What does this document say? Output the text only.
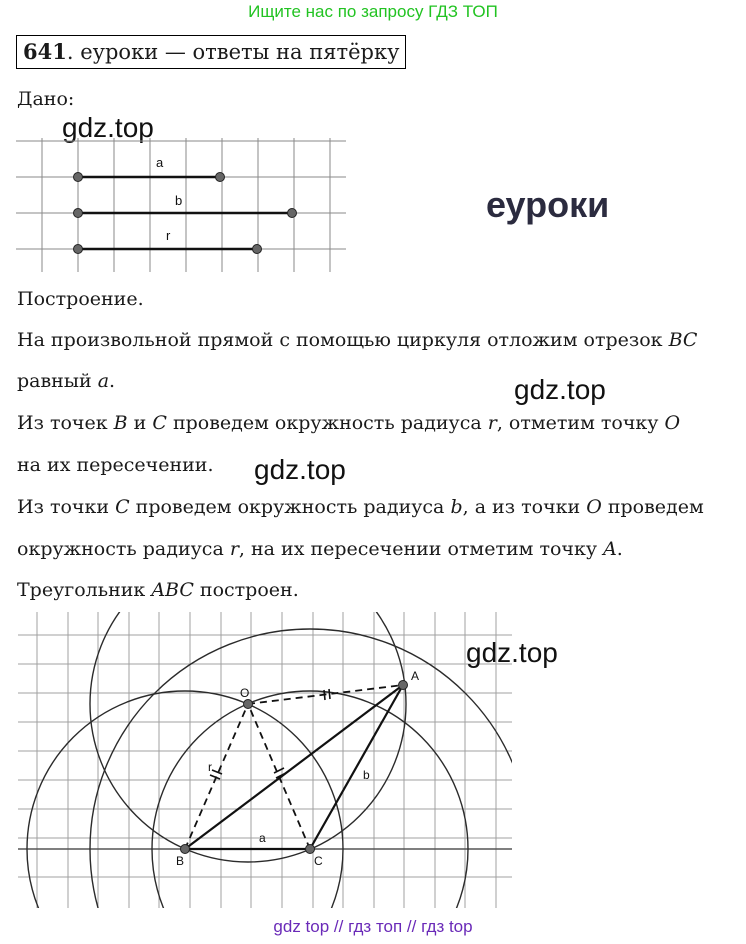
Ищите нас по запросу ГДЗ ТОП
641. еуроки — ответы на пятёрку
Дано:
gdz.top
a
b
r
еуроки
Построение.
На произвольной прямой с помощью циркуля отложим отрезок BC
равный a.	gdz.top
Из точек B и C проведем окружность радиуса r, отметим точку O
на их пересечении. gdz.top
Из точки C проведем окружность радиуса b, а из точки O проведем
окружность радиуса r, на их пересечении отметим точку A.
Треугольник ABC построен.
A
O
B	C
a
b
r
gdz.top
gdz top // гдз топ // гдз top
